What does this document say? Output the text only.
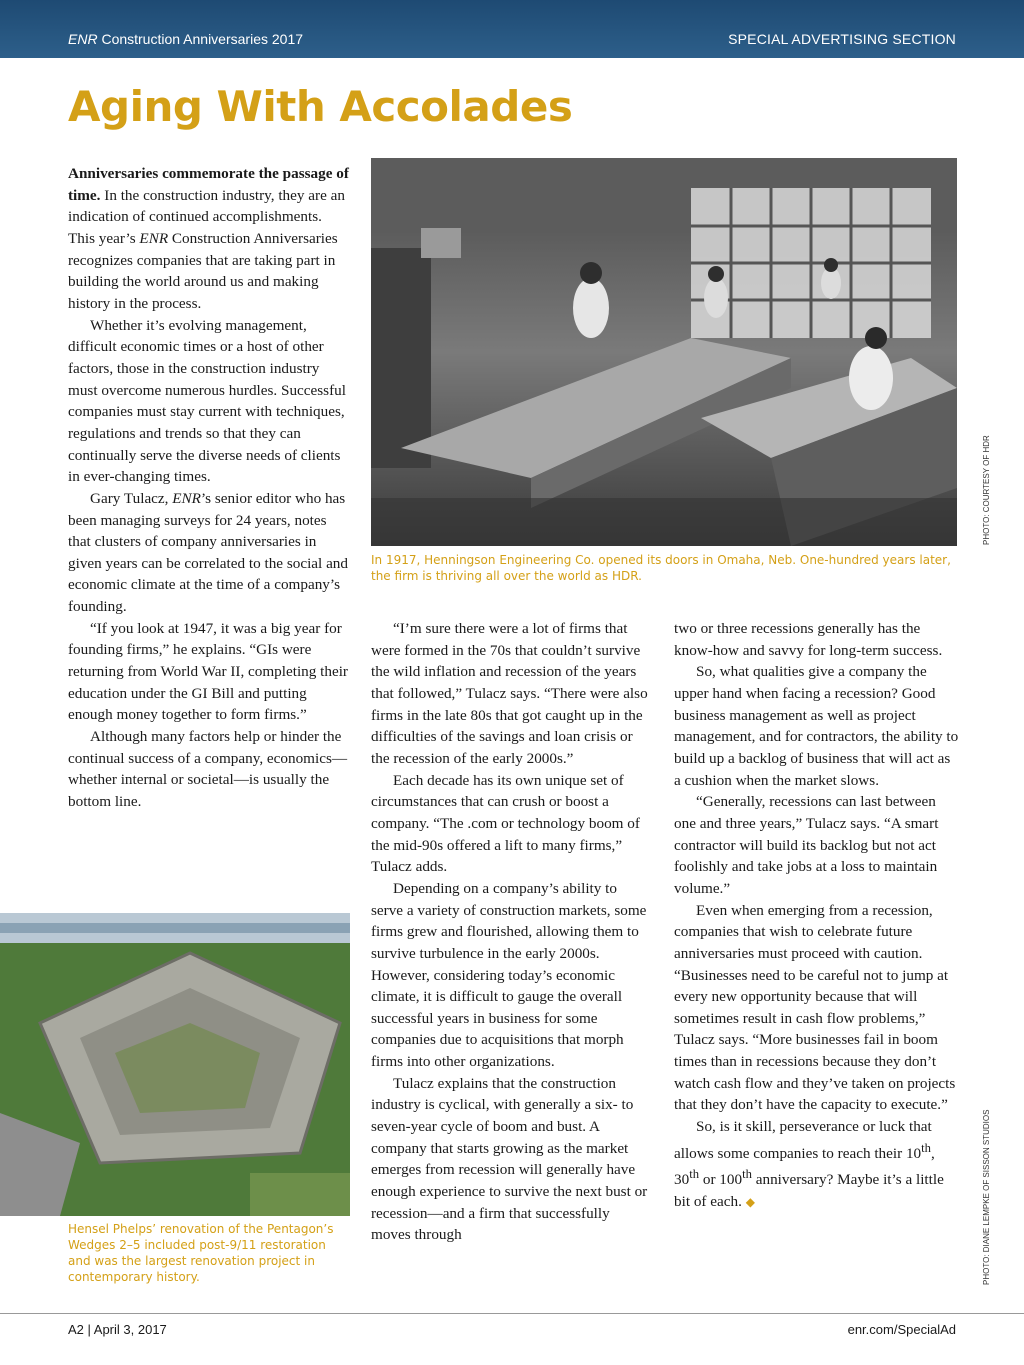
ENR Construction Anniversaries 2017	SPECIAL ADVERTISING SECTION
Aging With Accolades

Anniversaries commemorate the passage of time. In the construction industry, they are an indication of continued accomplishments. This year’s ENR Construction Anniversaries recognizes companies that are taking part in building the world around us and making history in the process.

Whether it’s evolving management, difficult economic times or a host of other factors, those in the construction industry must overcome numerous hurdles. Successful companies must stay current with techniques, regulations and trends so that they can continually serve the diverse needs of clients in ever-changing times.

Gary Tulacz, ENR’s senior editor who has been managing surveys for 24 years, notes that clusters of company anniversaries in given years can be correlated to the social and economic climate at the time of a company’s founding.

“If you look at 1947, it was a big year for founding firms,” he explains. “GIs were returning from World War II, completing their education under the GI Bill and putting enough money together to form firms.”

Although many factors help or hinder the continual success of a company, economics—whether internal or societal—is usually the bottom line.

In 1917, Henningson Engineering Co. opened its doors in Omaha, Neb. One-hundred years later, the firm is thriving all over the world as HDR.
PHOTO: COURTESY OF HDR

“I’m sure there were a lot of firms that were formed in the 70s that couldn’t survive the wild inflation and recession of the years that followed,” Tulacz says. “There were also firms in the late 80s that got caught up in the difficulties of the savings and loan crisis or the recession of the early 2000s.”

Each decade has its own unique set of circumstances that can crush or boost a company. “The .com or technology boom of the mid-90s offered a lift to many firms,” Tulacz adds.

Depending on a company’s ability to serve a variety of construction markets, some firms grew and flourished, allowing them to survive turbulence in the early 2000s. However, considering today’s economic climate, it is difficult to gauge the overall successful years in business for some companies due to acquisitions that morph firms into other organizations.

Tulacz explains that the construction industry is cyclical, with generally a six- to seven-year cycle of boom and bust. A company that starts growing as the market emerges from recession will generally have enough experience to survive the next bust or recession—and a firm that successfully moves through

two or three recessions generally has the know-how and savvy for long-term success.

So, what qualities give a company the upper hand when facing a recession? Good business management as well as project management, and for contractors, the ability to build up a backlog of business that will act as a cushion when the market slows.

“Generally, recessions can last between one and three years,” Tulacz says. “A smart contractor will build its backlog but not act foolishly and take jobs at a loss to maintain volume.”

Even when emerging from a recession, companies that wish to celebrate future anniversaries must proceed with caution. “Businesses need to be careful not to jump at every new opportunity because that will sometimes result in cash flow problems,” Tulacz says. “More businesses fail in boom times than in recessions because they don’t watch cash flow and they’ve taken on projects that they don’t have the capacity to execute.”

So, is it skill, perseverance or luck that allows some companies to reach their 10th, 30th or 100th anniversary? Maybe it’s a little bit of each. ◆

Hensel Phelps’ renovation of the Pentagon’s Wedges 2–5 included post-9/11 restoration and was the largest renovation project in contemporary history.	PHOTO: DIANE LEMPKE OF SISSON STUDIOS
A2 | April 3, 2017	enr.com/SpecialAd
